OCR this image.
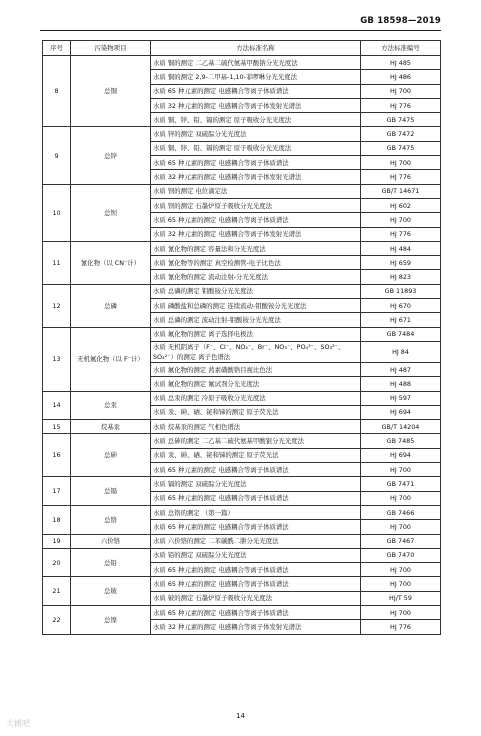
GB 18598—2019
序号	污染物项目	方法标准名称	方法标准编号
8	总铜	水质 铜的测定 二乙基二硫代氨基甲酸钠分光光度法	HJ 485
		水质 铜的测定 2,9-二甲基-1,10-菲啰啉分光光度法	HJ 486
		水质 65 种元素的测定 电感耦合等离子体质谱法	HJ 700
		水质 32 种元素的测定 电感耦合等离子体发射光谱法	HJ 776
		水质 铜、锌、铅、镉的测定 原子吸收分光光度法	GB 7475
9	总锌	水质 锌的测定 双硫腙分光光度法	GB 7472
		水质 铜、锌、铅、镉的测定 原子吸收分光光度法	GB 7475
		水质 65 种元素的测定 电感耦合等离子体质谱法	HJ 700
		水质 32 种元素的测定 电感耦合等离子体发射光谱法	HJ 776
10	总钡	水质 钡的测定 电位滴定法	GB/T 14671
		水质 钡的测定 石墨炉原子吸收分光光度法	HJ 602
		水质 65 种元素的测定 电感耦合等离子体质谱法	HJ 700
		水质 32 种元素的测定 电感耦合等离子体发射光谱法	HJ 776
11	氰化物（以 CN⁻计）	水质 氰化物的测定 容量法和分光光度法	HJ 484
		水质 氰化物等的测定 真空检测管-电子比色法	HJ 659
		水质 氰化物的测定 流动注射-分光光度法	HJ 823
12	总磷	水质 总磷的测定 钼酸铵分光光度法	GB 11893
		水质 磷酸盐和总磷的测定 连续流动-钼酸铵分光光度法	HJ 670
		水质 总磷的测定 流动注射-钼酸铵分光光度法	HJ 671
13	无机氟化物（以 F⁻计）	水质 氟化物的测定 离子选择电极法	GB 7484
		水质 无机阴离子（F⁻、Cl⁻、NO₂⁻、Br⁻、NO₃⁻、PO₄³⁻、SO₃²⁻、SO₄²⁻）的测定 离子色谱法	HJ 84
		水质 氟化物的测定 茜素磺酸锆目视比色法	HJ 487
		水质 氟化物的测定 氟试剂分光光度法	HJ 488
14	总汞	水质 总汞的测定 冷原子吸收分光光度法	HJ 597
		水质 汞、砷、硒、铋和锑的测定 原子荧光法	HJ 694
15	烷基汞	水质 烷基汞的测定 气相色谱法	GB/T 14204
16	总砷	水质 总砷的测定 二乙基二硫代氨基甲酸银分光光度法	GB 7485
		水质 汞、砷、硒、铋和锑的测定 原子荧光法	HJ 694
		水质 65 种元素的测定 电感耦合等离子体质谱法	HJ 700
17	总镉	水质 镉的测定 双硫腙分光光度法	GB 7471
		水质 65 种元素的测定 电感耦合等离子体质谱法	HJ 700
18	总铬	水质 总铬的测定 （第一篇）	GB 7466
		水质 65 种元素的测定 电感耦合等离子体质谱法	HJ 700
19	六价铬	水质 六价铬的测定 二苯碳酰二肼分光光度法	GB 7467
20	总铅	水质 铅的测定 双硫腙分光光度法	GB 7470
		水质 65 种元素的测定 电感耦合等离子体质谱法	HJ 700
21	总铍	水质 65 种元素的测定 电感耦合等离子体质谱法	HJ 700
		水质 铍的测定 石墨炉原子吸收分光光度法	HJ/T 59
22	总镍	水质 65 种元素的测定 电感耦合等离子体质谱法	HJ 700
		水质 32 种元素的测定 电感耦合等离子体发射光谱法	HJ 776
14
大概吧
